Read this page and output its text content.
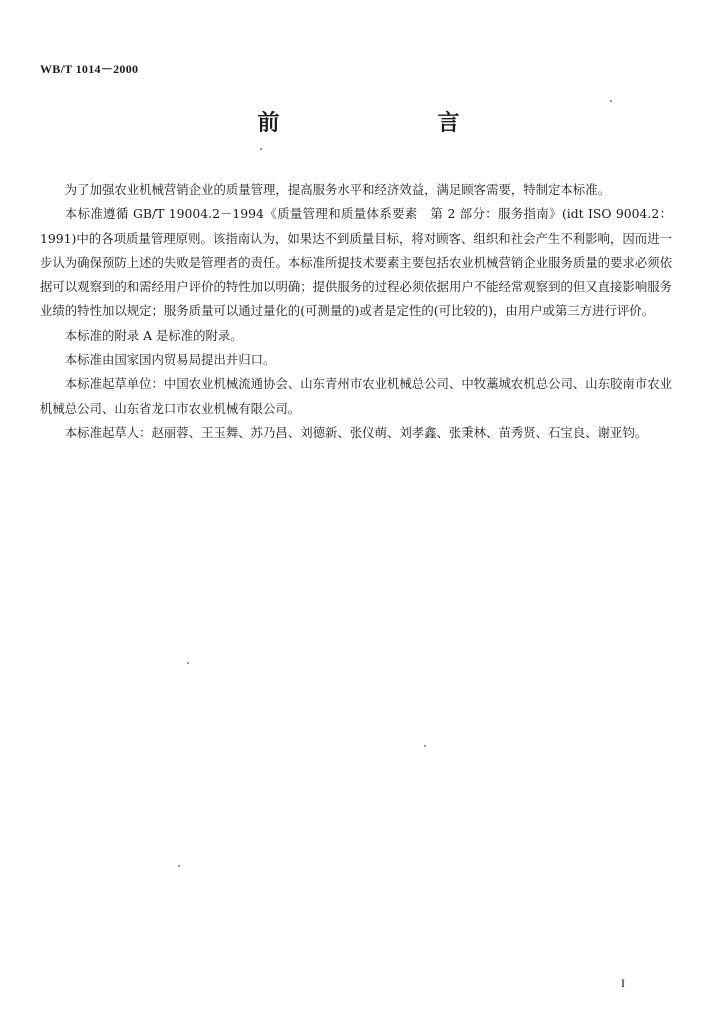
WB/T 1014－2000
前　言

为了加强农业机械营销企业的质量管理，提高服务水平和经济效益，满足顾客需要，特制定本标准。

本标准遵循 GB/T 19004.2－1994《质量管理和质量体系要素　第 2 部分：服务指南》(idt ISO 9004.2：1991)中的各项质量管理原则。该指南认为，如果达不到质量目标，将对顾客、组织和社会产生不利影响，因而进一步认为确保预防上述的失败是管理者的责任。本标准所提技术要素主要包括农业机械营销企业服务质量的要求必须依据可以观察到的和需经用户评价的特性加以明确；提供服务的过程必须依据用户不能经常观察到的但又直接影响服务业绩的特性加以规定；服务质量可以通过量化的(可测量的)或者是定性的(可比较的)，由用户或第三方进行评价。

本标准的附录 A 是标准的附录。

本标准由国家国内贸易局提出并归口。

本标准起草单位：中国农业机械流通协会、山东青州市农业机械总公司、中牧藁城农机总公司、山东胶南市农业机械总公司、山东省龙口市农业机械有限公司。

本标准起草人：赵丽蓉、王玉舞、苏乃昌、刘德新、张仪萌、刘孝鑫、张秉林、苗秀贤、石宝良、谢亚钧。

I
